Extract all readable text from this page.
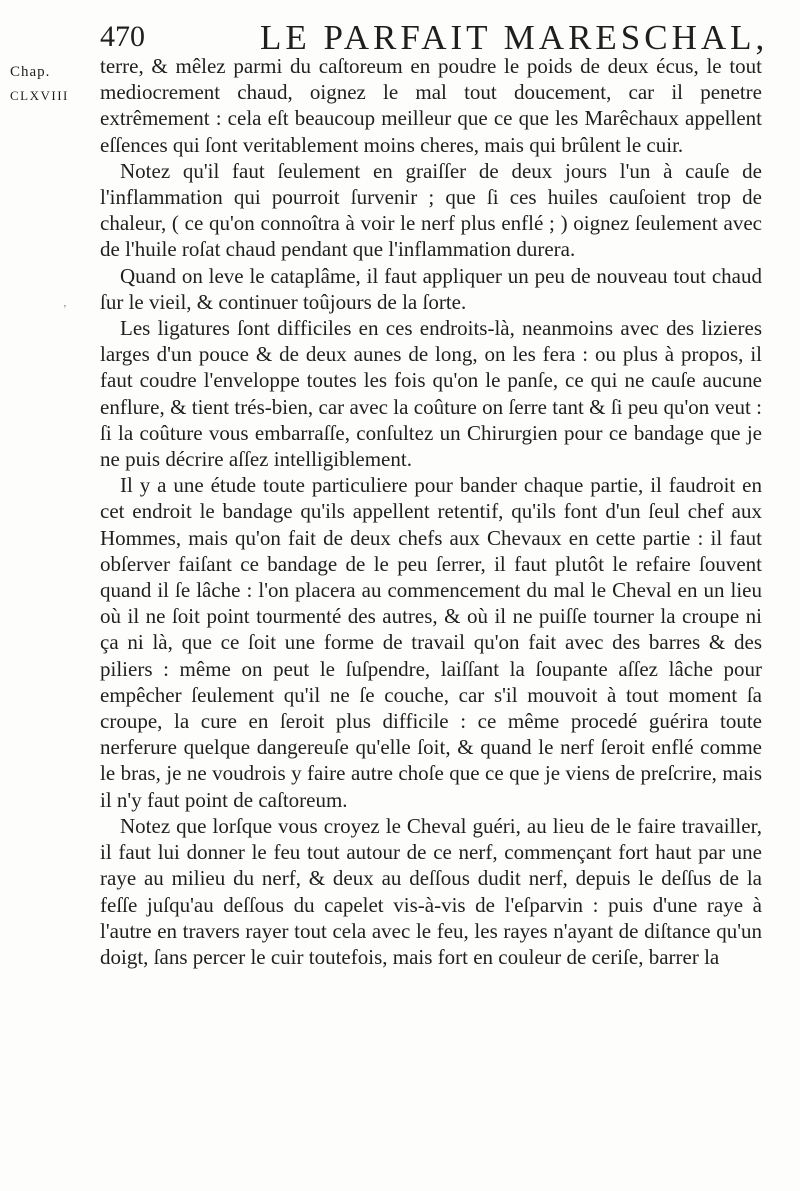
470	LE PARFAIT MARESCHAL,
Chap.
CLXVIII
ʼ

terre, & mêlez parmi du caſtoreum en poudre le poids de deux écus, le tout mediocrement chaud, oignez le mal tout doucement, car il penetre extrêmement : cela eſt beaucoup meilleur que ce que les Marêchaux appellent eſſences qui ſont veritablement moins cheres, mais qui brûlent le cuir.

Notez qu'il faut ſeulement en graiſſer de deux jours l'un à cauſe de l'inflammation qui pourroit ſurvenir ; que ſi ces huiles cauſoient trop de chaleur, ( ce qu'on connoîtra à voir le nerf plus enflé ; ) oignez ſeulement avec de l'huile roſat chaud pendant que l'inflammation durera.

Quand on leve le cataplâme, il faut appliquer un peu de nouveau tout chaud ſur le vieil, & continuer toûjours de la ſorte.

Les ligatures ſont difficiles en ces endroits-là, neanmoins avec des lizieres larges d'un pouce & de deux aunes de long, on les fera : ou plus à propos, il faut coudre l'enveloppe toutes les fois qu'on le panſe, ce qui ne cauſe aucune enflure, & tient trés-bien, car avec la coûture on ſerre tant & ſi peu qu'on veut : ſi la coûture vous embarraſſe, conſultez un Chirurgien pour ce bandage que je ne puis décrire aſſez intelligiblement.

Il y a une étude toute particuliere pour bander chaque partie, il faudroit en cet endroit le bandage qu'ils appellent retentif, qu'ils font d'un ſeul chef aux Hommes, mais qu'on fait de deux chefs aux Chevaux en cette partie : il faut obſerver faiſant ce bandage de le peu ſerrer, il faut plutôt le refaire ſouvent quand il ſe lâche : l'on placera au commencement du mal le Cheval en un lieu où il ne ſoit point tourmenté des autres, & où il ne puiſſe tourner la croupe ni ça ni là, que ce ſoit une forme de travail qu'on fait avec des barres & des piliers : même on peut le ſuſpendre, laiſſant la ſoupante aſſez lâche pour empêcher ſeulement qu'il ne ſe couche, car s'il mouvoit à tout moment ſa croupe, la cure en ſeroit plus difficile : ce même procedé guérira toute nerferure quelque dangereuſe qu'elle ſoit, & quand le nerf ſeroit enflé comme le bras, je ne voudrois y faire autre choſe que ce que je viens de preſcrire, mais il n'y faut point de caſtoreum.

Notez que lorſque vous croyez le Cheval guéri, au lieu de le faire travailler, il faut lui donner le feu tout autour de ce nerf, commençant fort haut par une raye au milieu du nerf, & deux au deſſous dudit nerf, depuis le deſſus de la feſſe juſqu'au deſſous du capelet vis-à-vis de l'eſparvin : puis d'une raye à l'autre en travers rayer tout cela avec le feu, les rayes n'ayant de diſtance qu'un doigt, ſans percer le cuir toutefois, mais fort en couleur de ceriſe, barrer la
